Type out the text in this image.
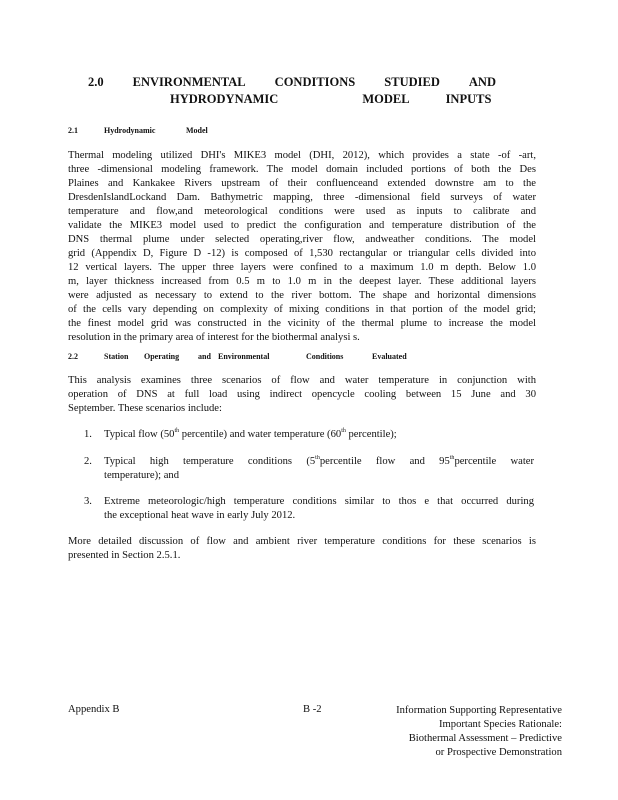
2.0 ENVIRONMENTAL CONDITIONS STUDIED AND
HYDRODYNAMIC	MODEL	INPUTS
2.1	Hydrodynamic	Model
Thermal modeling utilized DHI's MIKE3 model (DHI, 2012), which provides a state -of -art,
three -dimensional modeling framework. The model domain included portions of both the Des
Plaines and Kankakee Rivers upstream of their confluenceand extended downstre am to the
DresdenIslandLockand Dam. Bathymetric mapping, three -dimensional field surveys of water
temperature and flow,and meteorological conditions were used as inputs to calibrate and
validate the MIKE3 model used to predict the configuration and temperature distribution of the
DNS thermal plume under selected operating,river flow, andweather conditions. The model
grid (Appendix D, Figure D -12) is composed of 1,530 rectangular or triangular cells divided into
12 vertical layers. The upper three layers were confined to a maximum 1.0 m depth. Below 1.0
m, layer thickness increased from 0.5 m to 1.0 m in the deepest layer. These additional layers
were adjusted as necessary to extend to the river bottom. The shape and horizontal dimensions
of the cells vary depending on complexity of mixing conditions in that portion of the model grid;
the finest model grid was constructed in the vicinity of the thermal plume to increase the model
resolution in the primary area of interest for the biothermal analysi s.
2.2	Station	Operating	and Environmental	Conditions	Evaluated
This analysis examines three scenarios of flow and water temperature in conjunction with
operation of DNS at full load using indirect opencycle cooling between 15 June and 30
September. These scenarios include:
1. Typical flow (50th percentile) and water temperature (60th percentile);
2. Typical high temperature conditions (5thpercentile flow and 95thpercentile water
temperature); and
3. Extreme meteorologic/high temperature conditions similar to thos e that occurred during
the exceptional heat wave in early July 2012.
More detailed discussion of flow and ambient river temperature conditions for these scenarios is
presented in Section 2.5.1.
Appendix B	B -2	Information Supporting Representative
Important Species Rationale:
Biothermal Assessment – Predictive
or Prospective Demonstration
